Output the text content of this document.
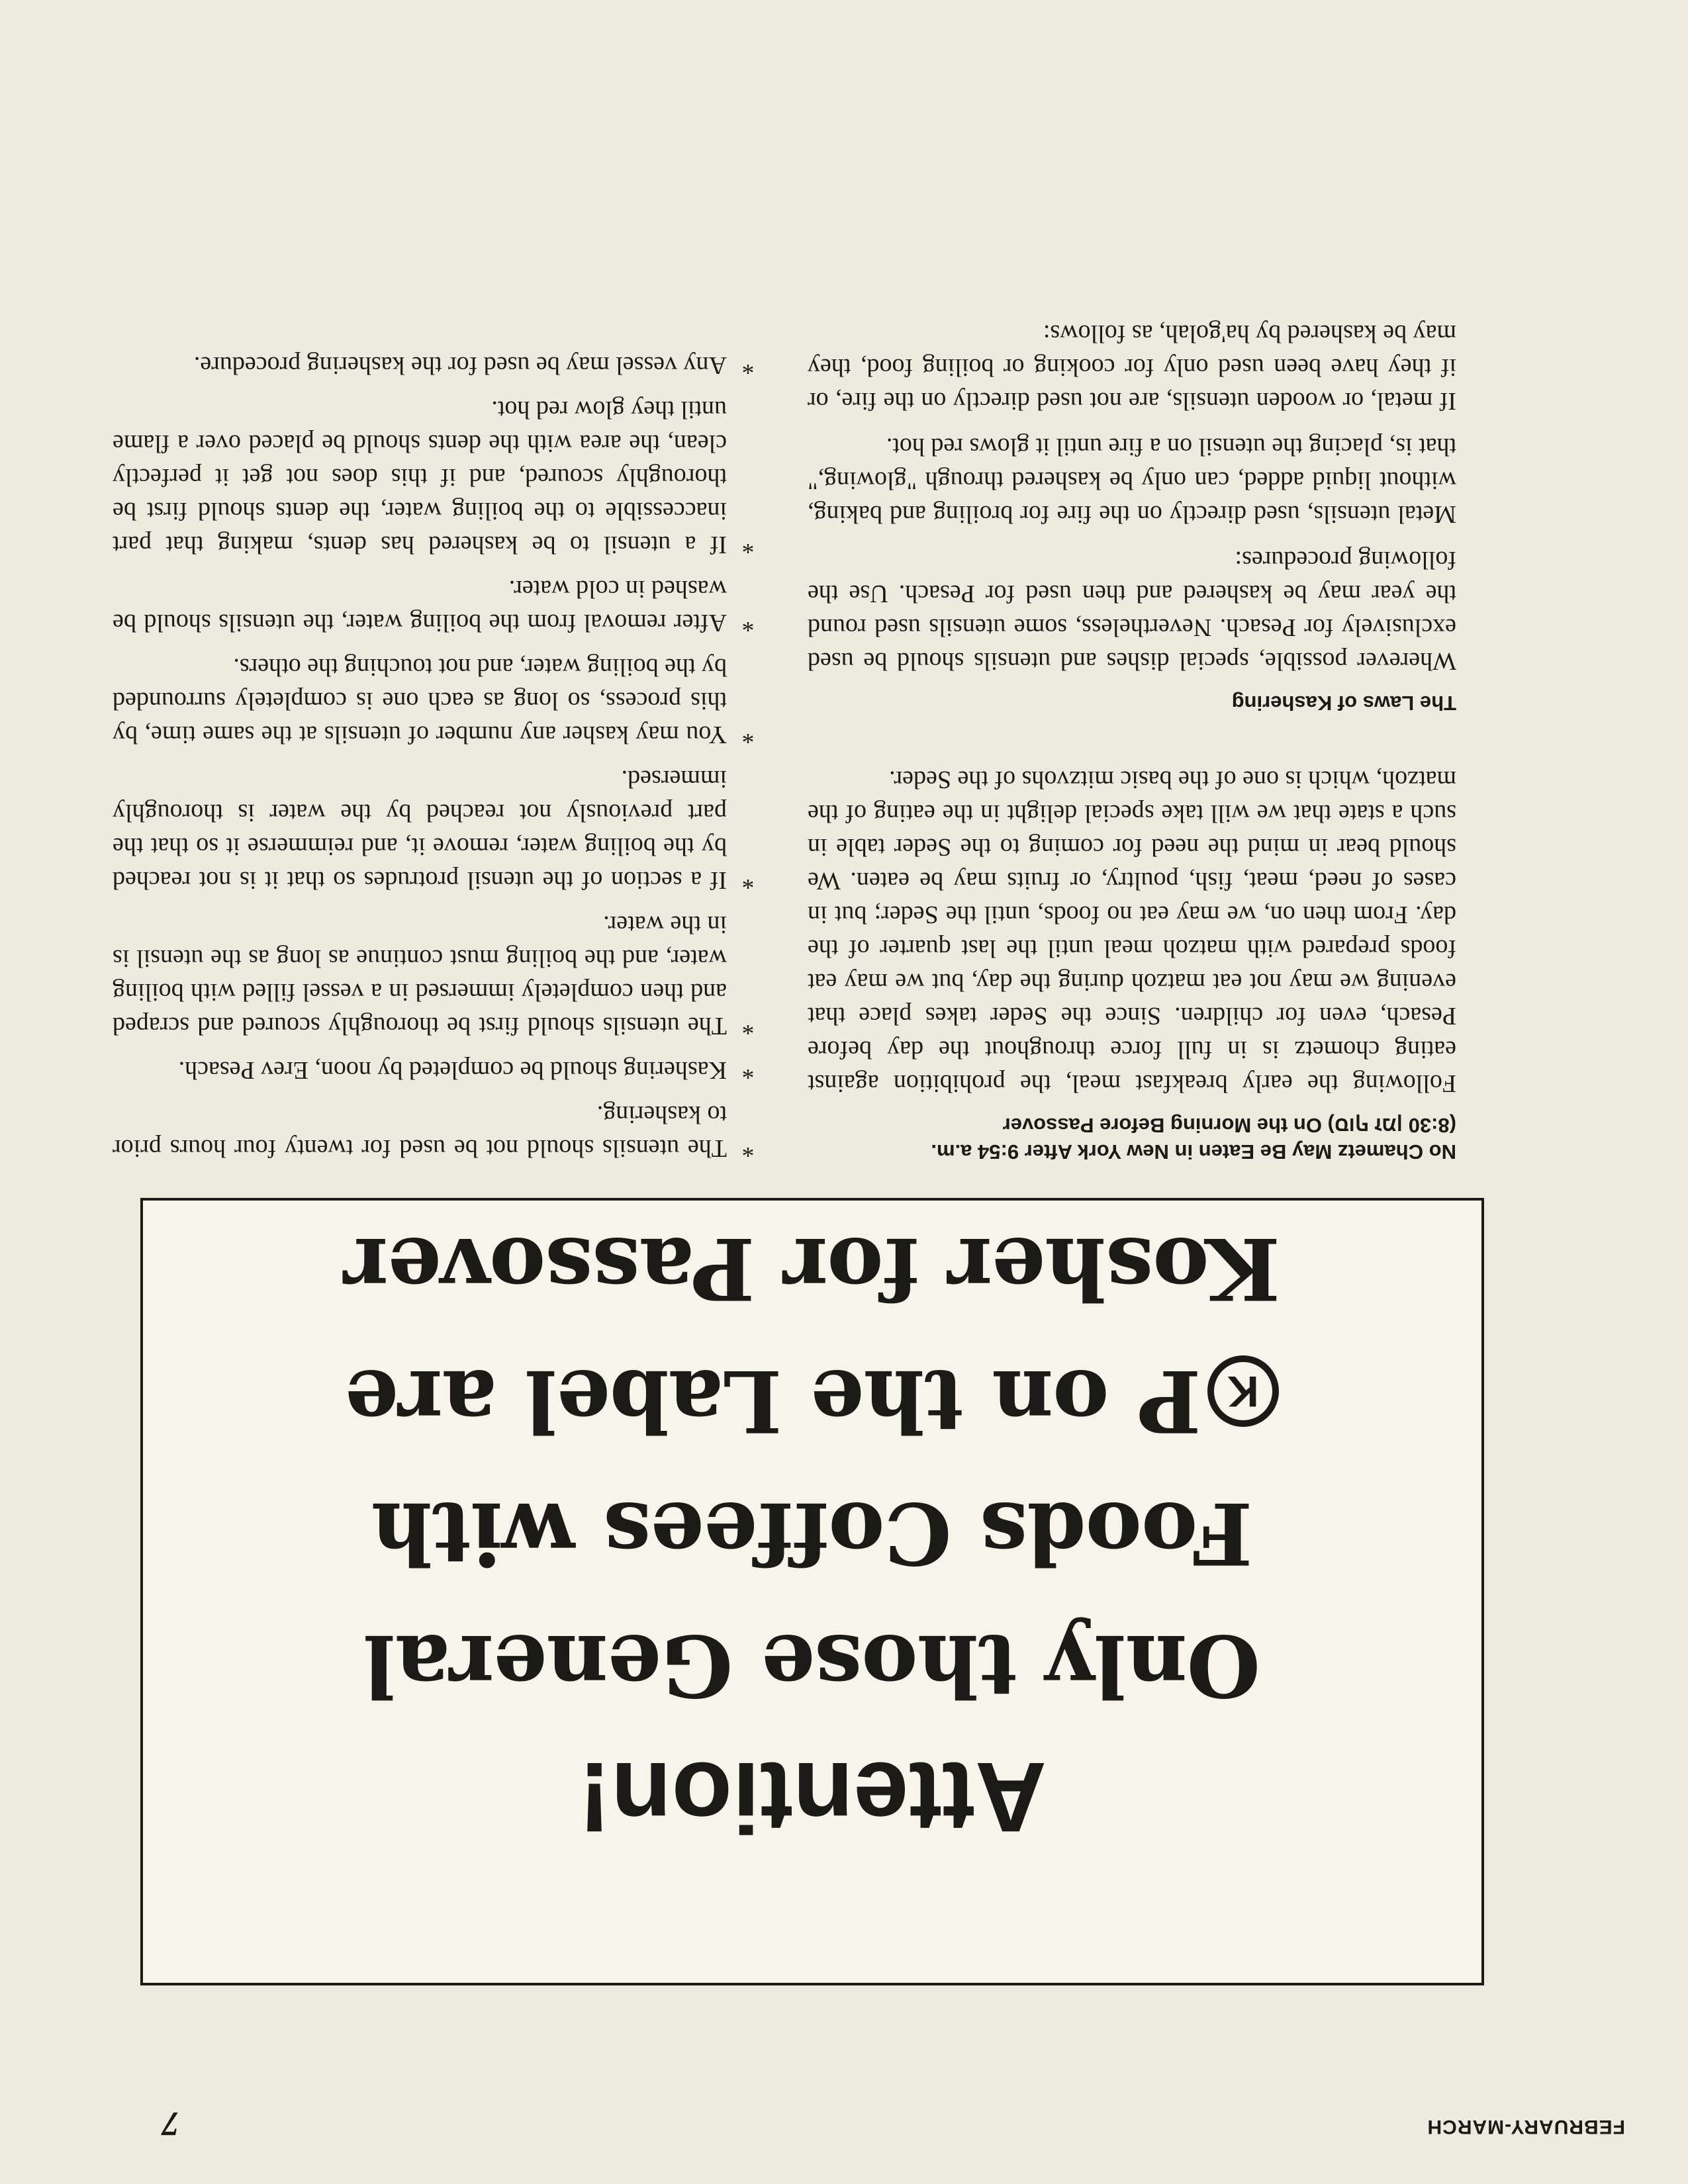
FEBRUARY-MARCH
7

Attention!
Only those General
Foods Coffees with
KP on the Label are
Kosher for Passover

No Chametz May Be Eaten in New York After 9:54 a.m.
(8:30 סוף זמן) On the Morning Before Passover

Following the early breakfast meal, the prohibition against eating chometz is in full force throughout the day before Pesach, even for children. Since the Seder takes place that evening we may not eat matzoh during the day, but we may eat foods prepared with matzoh meal until the last quarter of the day. From then on, we may eat no foods, until the Seder; but in cases of need, meat, fish, poultry, or fruits may be eaten. We should bear in mind the need for coming to the Seder table in such a state that we will take special delight in the eating of the matzoh, which is one of the basic mitzvohs of the Seder.

The Laws of Kashering

Wherever possible, special dishes and utensils should be used exclusively for Pesach. Nevertheless, some utensils used round the year may be kashered and then used for Pesach. Use the following procedures:

Metal utensils, used directly on the fire for broiling and baking, without liquid added, can only be kashered through "glowing," that is, placing the utensil on a fire until it glows red hot.

If metal, or wooden utensils, are not used directly on the fire, or if they have been used only for cooking or boiling food, they may be kashered by ha'golah, as follows:

*
The utensils should not be used for twenty four hours prior to kashering.
*
Kashering should be completed by noon, Erev Pesach.
*
The utensils should first be thoroughly scoured and scraped and then completely immersed in a vessel filled with boiling water, and the boiling must continue as long as the utensil is in the water.
*
If a section of the utensil protrudes so that it is not reached by the boiling water, remove it, and reimmerse it so that the part previously not reached by the water is thoroughly immersed.
*
You may kasher any number of utensils at the same time, by this process, so long as each one is completely surrounded by the boiling water, and not touching the others.
*
After removal from the boiling water, the utensils should be washed in cold water.
*
If a utensil to be kashered has dents, making that part inaccessible to the boiling water, the dents should first be thoroughly scoured, and if this does not get it perfectly clean, the area with the dents should be placed over a flame until they glow red hot.
*
Any vessel may be used for the kashering procedure.
